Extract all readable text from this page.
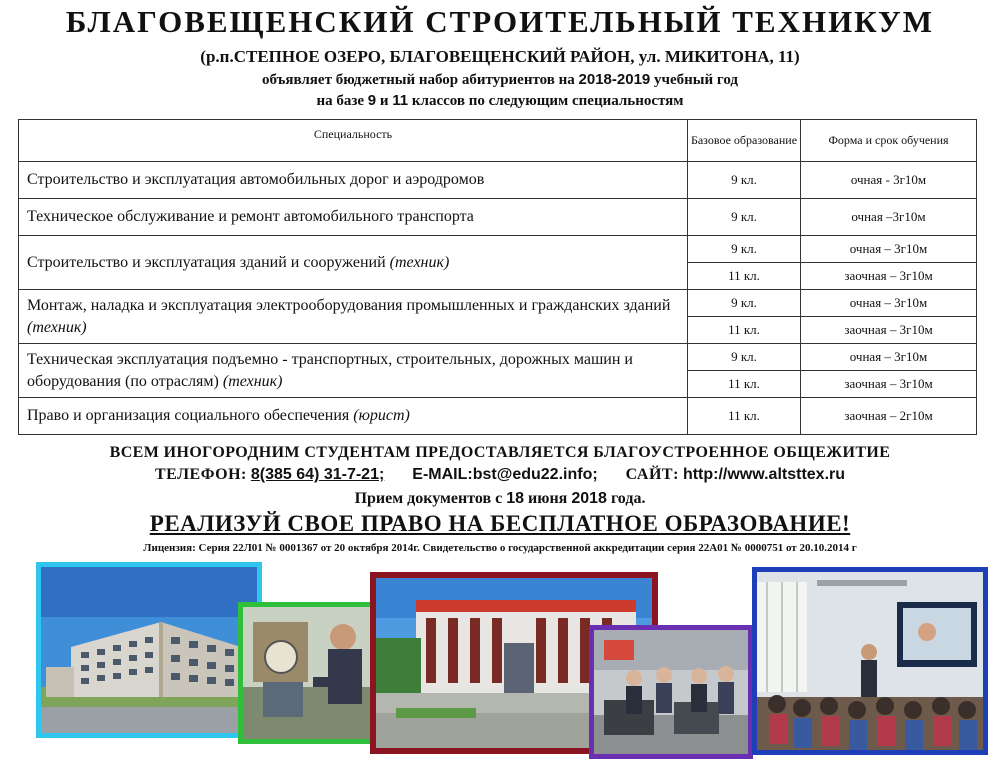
БЛАГОВЕЩЕНСКИЙ СТРОИТЕЛЬНЫЙ ТЕХНИКУМ
(р.п.СТЕПНОЕ ОЗЕРО, БЛАГОВЕЩЕНСКИЙ РАЙОН, ул. МИКИТОНА, 11)
объявляет бюджетный набор абитуриентов на 2018-2019 учебный год
на базе 9 и 11 классов по следующим специальностям
Специальность	Базовое образование	Форма и срок обучения
Строительство и эксплуатация автомобильных дорог и аэродромов	9 кл.	очная - 3г10м
Техническое обслуживание и ремонт автомобильного транспорта	9 кл.	очная –3г10м
Строительство и эксплуатация зданий и сооружений (техник)	9 кл.	очная – 3г10м
	11 кл.	заочная – 3г10м
Монтаж, наладка и эксплуатация электрооборудования промышленных и гражданских зданий (техник)	9 кл.	очная – 3г10м
	11 кл.	заочная – 3г10м
Техническая эксплуатация подъемно - транспортных, строительных, дорожных машин и оборудования (по отраслям) (техник)	9 кл.	очная – 3г10м
	11 кл.	заочная – 3г10м
Право и организация социального обеспечения (юрист)	11 кл.	заочная – 2г10м
ВСЕМ ИНОГОРОДНИМ СТУДЕНТАМ ПРЕДОСТАВЛЯЕТСЯ БЛАГОУСТРОЕННОЕ ОБЩЕЖИТИЕ
ТЕЛЕФОН: 8(385 64) 31-7-21; E-MAIL:bst@edu22.info; САЙТ: http://www.altsttex.ru
Прием документов с 18 июня 2018 года.
РЕАЛИЗУЙ СВОЕ ПРАВО НА БЕСПЛАТНОЕ ОБРАЗОВАНИЕ!
Лицензия: Серия 22Л01 № 0001367 от 20 октября 2014г. Свидетельство о государственной аккредитации серия 22А01 № 0000751 от 20.10.2014 г
